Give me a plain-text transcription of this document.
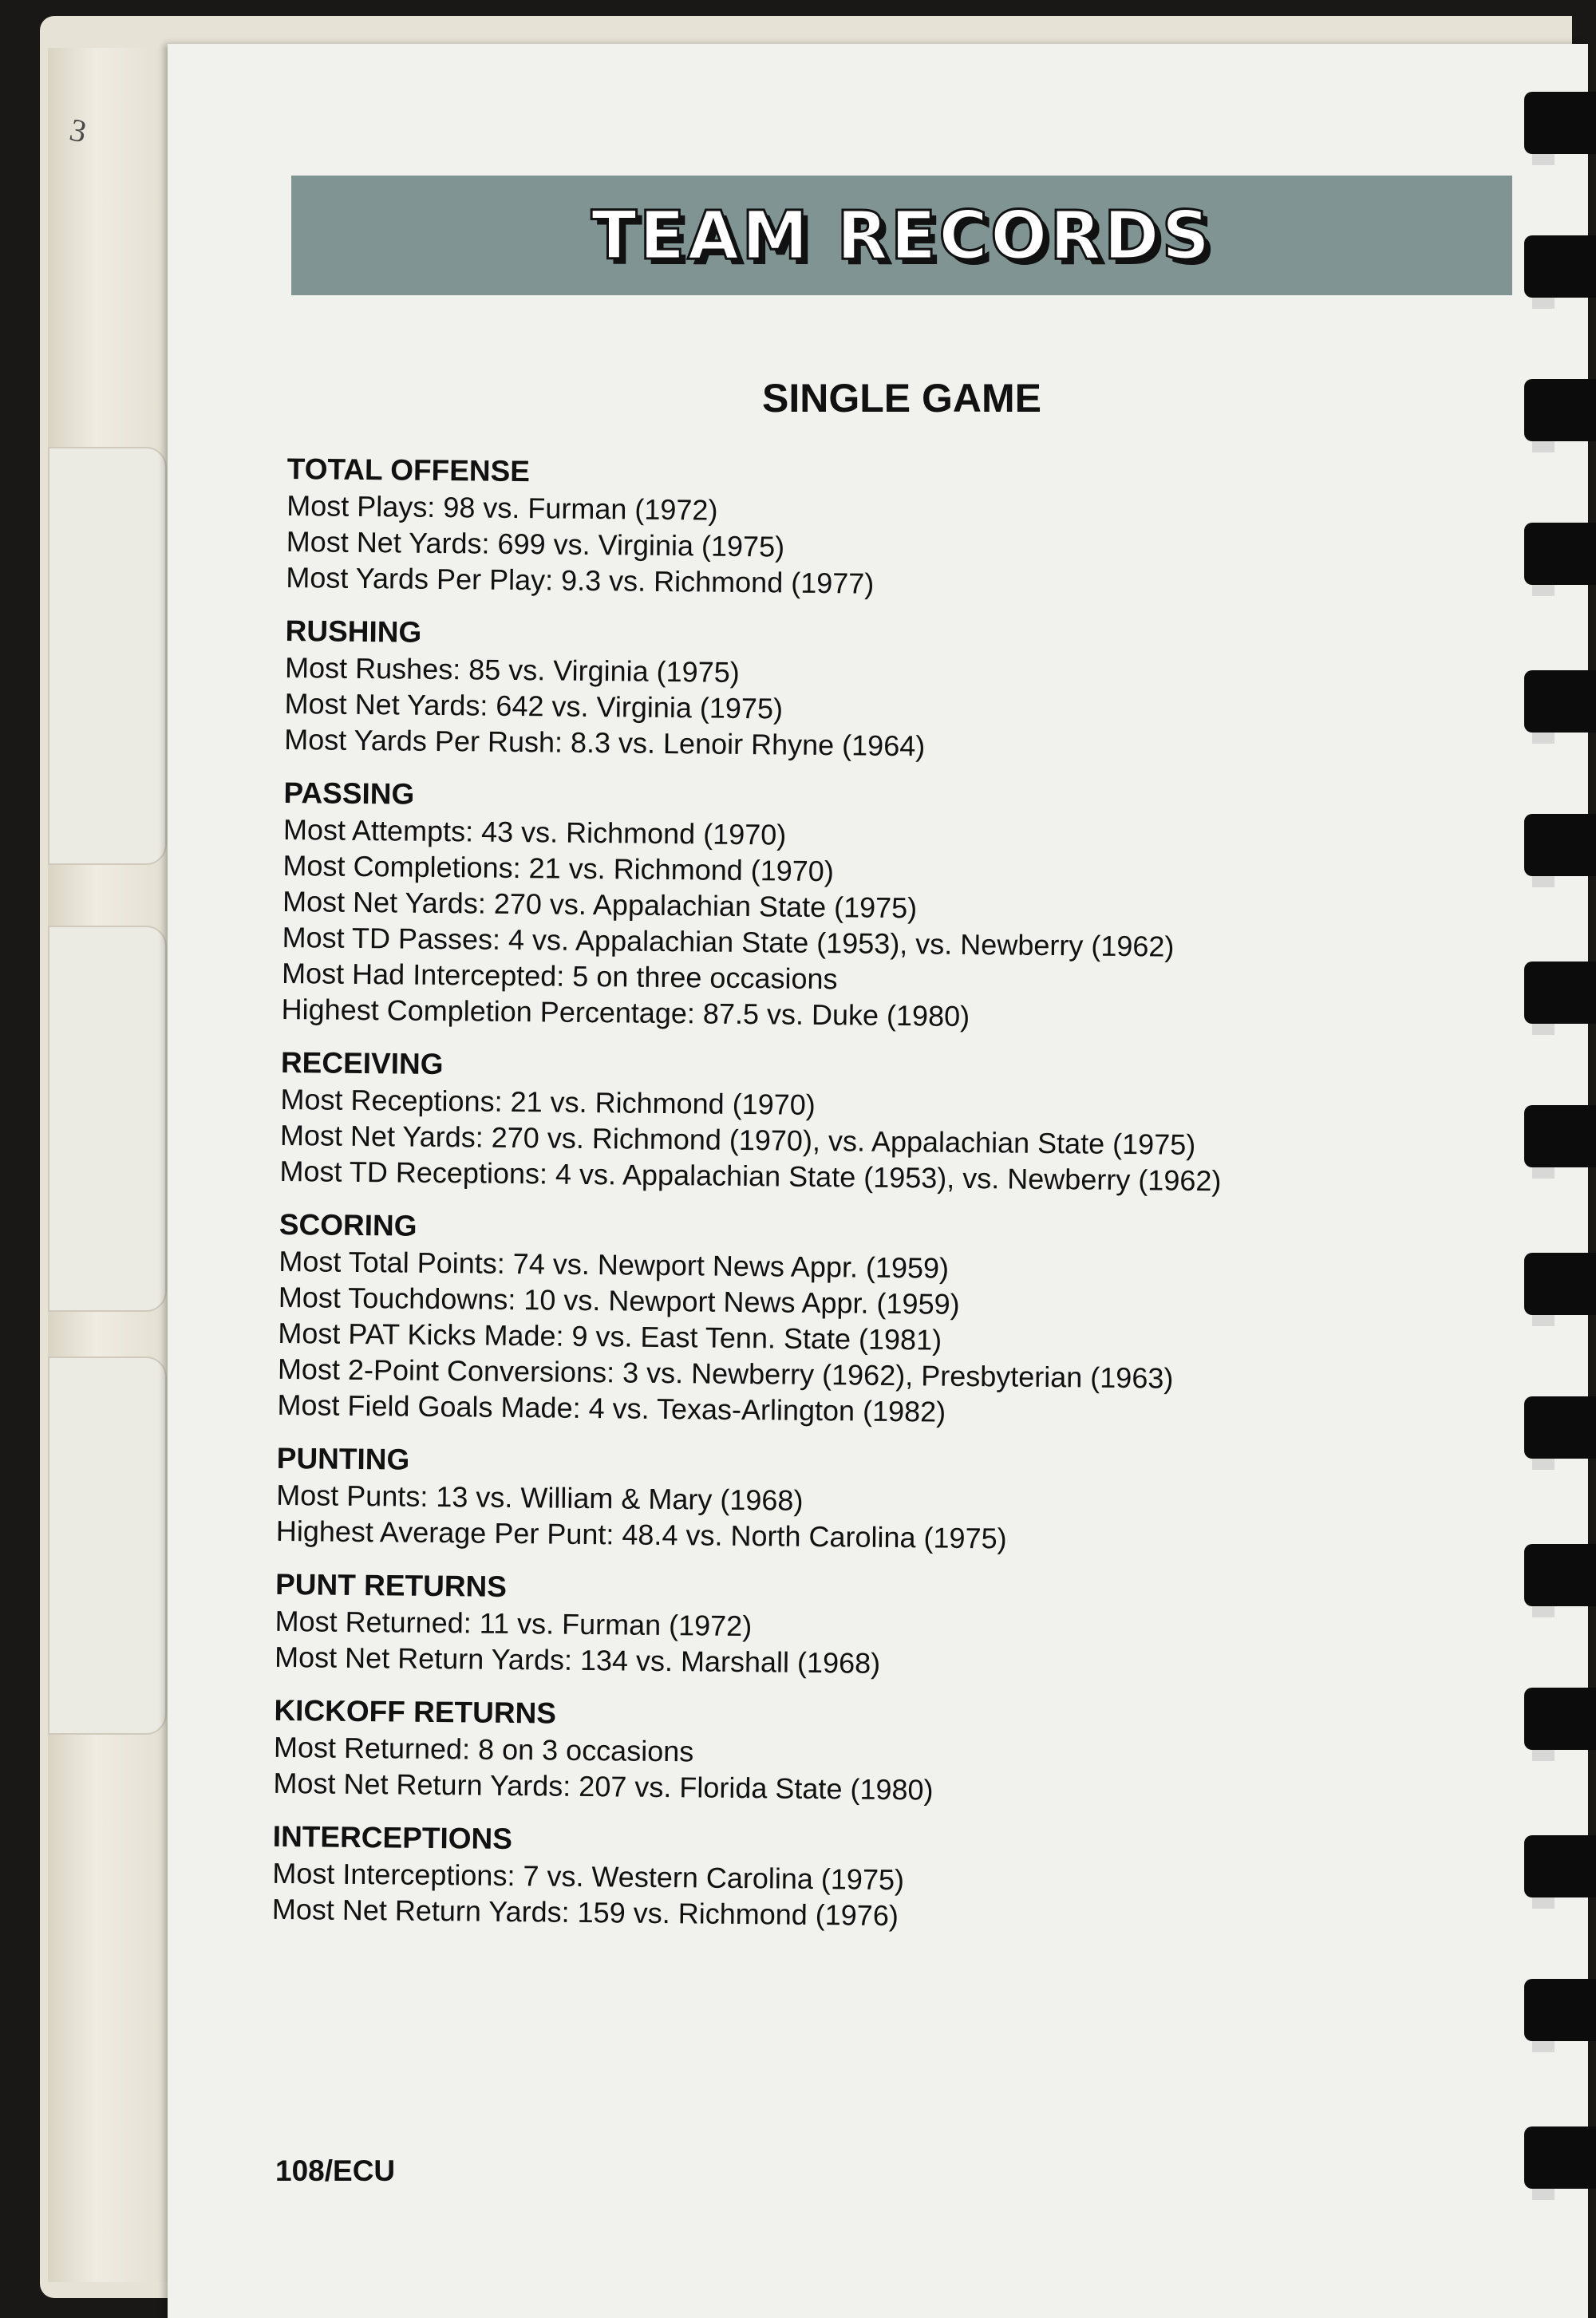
3

TEAM RECORDS
SINGLE GAME
TOTAL OFFENSE
Most Plays: 98 vs. Furman (1972)
Most Net Yards: 699 vs. Virginia (1975)
Most Yards Per Play: 9.3 vs. Richmond (1977)
RUSHING
Most Rushes: 85 vs. Virginia (1975)
Most Net Yards: 642 vs. Virginia (1975)
Most Yards Per Rush: 8.3 vs. Lenoir Rhyne (1964)
PASSING
Most Attempts: 43 vs. Richmond (1970)
Most Completions: 21 vs. Richmond (1970)
Most Net Yards: 270 vs. Appalachian State (1975)
Most TD Passes: 4 vs. Appalachian State (1953), vs. Newberry (1962)
Most Had Intercepted: 5 on three occasions
Highest Completion Percentage: 87.5 vs. Duke (1980)
RECEIVING
Most Receptions: 21 vs. Richmond (1970)
Most Net Yards: 270 vs. Richmond (1970), vs. Appalachian State (1975)
Most TD Receptions: 4 vs. Appalachian State (1953), vs. Newberry (1962)
SCORING
Most Total Points: 74 vs. Newport News Appr. (1959)
Most Touchdowns: 10 vs. Newport News Appr. (1959)
Most PAT Kicks Made: 9 vs. East Tenn. State (1981)
Most 2-Point Conversions: 3 vs. Newberry (1962), Presbyterian (1963)
Most Field Goals Made: 4 vs. Texas-Arlington (1982)
PUNTING
Most Punts: 13 vs. William & Mary (1968)
Highest Average Per Punt: 48.4 vs. North Carolina (1975)
PUNT RETURNS
Most Returned: 11 vs. Furman (1972)
Most Net Return Yards: 134 vs. Marshall (1968)
KICKOFF RETURNS
Most Returned: 8 on 3 occasions
Most Net Return Yards: 207 vs. Florida State (1980)
INTERCEPTIONS
Most Interceptions: 7 vs. Western Carolina (1975)
Most Net Return Yards: 159 vs. Richmond (1976)
108/ECU
